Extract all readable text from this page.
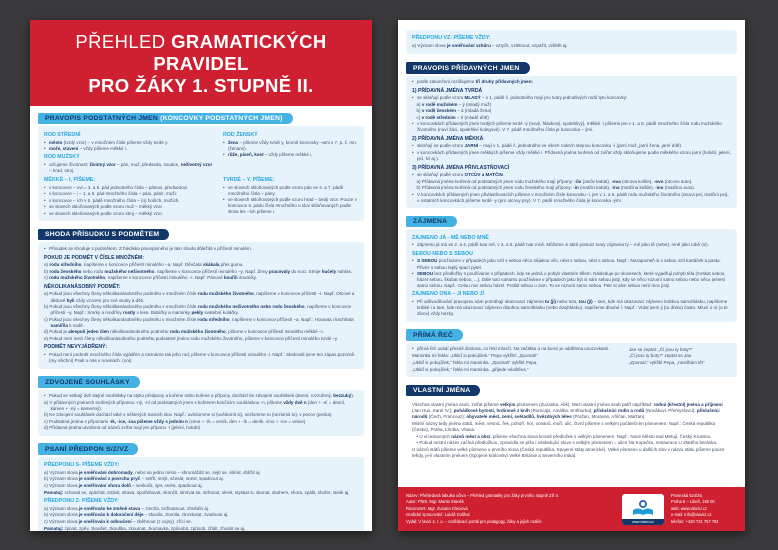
PŘEHLED GRAMATICKÝCH PRAVIDEL
PRO ŽÁKY 1. STUPNĚ II.
PRAVOPIS PODSTATNÝCH JMEN (KONCOVKY PODSTATNÝCH JMEN)
ROD STŘEDNÍ
• město (tvrdý vzor) – v množném čísle píšeme vždy tvrdé y.
• moře, stavení – vždy píšeme měkké i.
ROD MUŽSKÝ
• určujeme životnost: životný vzor – pán, muž, předseda, soudce, neživotný vzor – hrad, stroj.
ROD ŽENSKÝ
• žena – píšeme vždy tvrdé y, kromě koncovky –ami v 7. p. č. mn. (ženami).
• růže, píseň, kost – vždy píšeme měkké i.
MĚKKÉ – I, PÍŠEME:
• v koncovce – ovi = 3. a 6. pád jednotného čísla – pánovi, předsedovi.
• v koncovce – i – 1. a 5. pád množného čísla – páni, páni!, muži.
• v koncovce – ích v 6. pádě množného čísla – (o) hoších, mužích.
• ve slovech skloňovaných podle vzoru muž – měkký vzor.
• ve slovech skloňovaných podle vzoru stroj – měkký vzor.
TVRDÉ – Y, PÍŠEME:
• ve slovech skloňovaných podle vzoru pán ve 4. a 7. pádě množného čísla – pány.
• ve slovech skloňovaných podle vzoru hrad – tvrdý vzor. Pouze v koncovce 6. pádu čísla množného u slov skloňovaných podle slova les –ích píšeme i.
SHODA PŘÍSUDKU S PODMĚTEM
• Přísudek se shoduje s podmětem. Z hlediska pravopisného je tato shoda důležitá v příčestí minulém.
POKUD JE PODMĚT V ČÍSLE MNOŽNÉM:
a) rodu středního, napíšeme v koncovce příčestí minulého –a. Např. Děvčata skákala přes gumu.
b) rodu ženského nebo rodu mužského neživotného, napíšeme v koncovce příčestí minulého –y. Např. Ženy pracovaly do noci. Stroje hučely nahlas.
c) rodu mužského životného, napíšeme v koncovce příčestí minulého –i. Např. Pánové kouřili doutníky.
NĚKOLIKANÁSOBNÝ PODMĚT:
a) Pokud jsou všechny členy několikanásobného podmětu v množném čísle rodu mužského životného, napíšeme v koncovce příčestí –i. Např. Otcové a dědové byli vždy vzorem pro své vnuky a děti.
b) Pokud jsou všechny členy několikanásobného podmětu v množném čísle rodu mužského neživotného nebo rodu ženského, napíšeme v koncovce příčestí –y. Např.: Smrky a modříny rostly v lese. Babičky a maminky pekly svatební koláčky.
c) Pokud jsou všechny členy několikanásobného podmětu v množném čísle rodu středního, napíšeme v koncovce příčestí –a. Např.: Housata i kachňata namířila k vodě.
d) Pokud je alespoň jeden člen několikanásobného podmětu rodu mužského životného, píšeme v koncovce příčestí minulého měkké –i.
e) Pokud není mezi členy několikanásobného podmětu podstatné jméno rodu mužského životného, píšeme v koncovce příčestí minulého tvrdé –y.
PODMĚT NEVYJÁDŘENÝ:
• Pokud není podmět množného čísla vyjádřen a neznáme tak jeho rod, píšeme v koncovce příčestí minulého -i. Např.: Sledovali jsme ten zápas pozorně. (my všichni) Psali o nás v novinách. (oni)
ZDVOJENÉ SOUHLÁSKY
• Pokud se setkají dvě stejné souhlásky na styku předpony a kořene nebo kořene a přípony, dochází ke zdvojení souhlásek (denní, rozzuřený, bezzubý).
a) V přídavných jménech tvořených příponou -ný, -ní od podstatných jmen s kořenem končícím souhláskou -n, píšeme vždy dvě n (den + -ní = denní, kámen + -ný = kamenný).
b) Ke zdvojení souhlásek dochází také v některých tvarech slov. Např.: uvědomme si (uvědomit si), nezlomme to (nezlomit to), v pecce (pecka)
c) Podstatná jména s příponami -ík, -ice, -ina píšeme vždy s jedním n (cena + -ík = ceník, den + -ík = deník, víno + -ice = vinice)
d) Přídavná jména utvořená od názvů zvířat mají jen příponu -í (jelení, holubí)
PSANÍ PŘEDPON S/Z/VZ
PŘEDPONU S- PÍŠEME VŽDY:
a) Význam slova je směřování dohromady, nebo na jedno místo – shromáždit se, sejít se, sbírat, sblížit aj.
b) Význam slova je směřování z povrchu pryč – setřít, smýt, sčesat, snést, spadnout aj.
c) Význam slova je směřování shora dolů – seskočit, sjet, snést, spadnout aj.
Pamatuj: schovat se, spáchat, strávit, strava, spotřebovat, skončit, stmívat se, strhnout, slevit, stýskat si, skonat, sbohem, shora, spálit, shořet, stesk aj.
PŘEDPONU Z- PÍŠEME VŽDY:
a) Význam slova je směřován ke změně stavu – zmrzla, zežloutnout, zhnědlo aj.
b) Význam slova je směřován k dokončení děje – zkazila, zlomila, ztroskotat, zvadnout aj.
c) Význam slova je směřován k odloučení – zběhnout (z vojny), zříci se.
Pamatuj: zpívat, zpěv, zkoušet, zkouška, zkoumat, zkumavka, způsobit, způsob, zřídit, zhostit se aj.
PŘEDPONU VZ- PÍŠEME VŽDY:
a) Význam slova je směřování vzhůru – vztyčit, vzlétnout, vzpažit, vzlétět aj.
PRAVOPIS PŘÍDAVNÝCH JMEN
• podle zakončení rozlišujeme tři druhy přídavných jmen:
1) PŘÍDAVNÁ JMÉNA TVRDÁ
• se skloňují podle vzoru MLADÝ – v 1. pádě č. jednotného mají pro tvary jednotlivých rodů tyto koncovky:
a) v rodě mužském – ý (mladý muž)
b) v rodě ženském – á (mladá žena)
c) v rodě středním – é (mladé dítě)
• v koncovkách přídavných jmen tvrdých píšeme tvrdé -ý (nový, hlávkový, spolehlivý), měkké -i píšeme jen v 1. a 5. pádě množného čísla rodu mužského životného (noví žáci, spolehliví kolegové). V 7. pádě množného čísla je koncovka – ými.
2) PŘÍDAVNÁ JMÉNA MĚKKÁ
• skloňují se podle vzoru JARNÍ – mají v 1. pádě č. jednotného ve všech rodech stejnou koncovku -í (jarní muž, jarní žena, jarní dítě)
• v koncovkách přídavných jmen měkkých píšeme vždy měkké i. Přídavná jména tvořená od zvířat vždy skloňujeme podle měkkého vzoru jarní (holubí, jelení, psí, lví aj.).
3) PŘÍDAVNÁ JMÉNA PŘIVLASTŇOVACÍ
• se skloňují podle vzoru OTCŮV a MATČIN.
a) Přídavná jména tvořená od podstatných jmen rodu mužského mají přípony: -ův (otcův kabát), -ova (otcova košile), -ovo (otcovo auto).
b) Přídavná jména tvořená od podstatných jmen rodu ženského mají přípony: -in (matčin kabát), -ina (matčina košile), -ino (matčino auto).
• V koncovkách přídavných jmen přivlastňovacích píšeme v množném čísle koncovku -i, jen v 1. a 5. pádě rodu mužského životného (otcovi psi, matčini psi), v ostatních koncovkách píšeme tvrdé -y (pro otcovy psy). V 7. pádě množného čísla je koncovka -ými.
ZÁJMENA
ZÁJMENO JÁ - MĚ NEBO MNĚ
• Zájmeno já má ve 2. a 4. pádě tvar mě, v 3. a 6. pádě tvar mně. Můžeme si také pomoct tvary zájmena ty – mě jako tě (sebe), mně jako tobě (si).
SEBOU NEBO S SEBOU
• S SEBOU používáme v případech jako vzít s sebou něco nějakou věc, nést s sebou, vést s sebou. Např.: Nezapomeň si s sebou vzít kartáček a pastu. Přivez s sebou teplý spací pytel.
• SEBOU bez předložky s používáme v případech, kdy se jedná o pohyb vlastním tělem. Následuje po slovesech, které vyjadřují pohyb těla (mrskat sebou, házet sebou, škubat sebou, ...). Dále tuto variantu používáme v případech jako být si sám sebou jistý, kdy se něco rozumí samo sebou nebo něco je/není samo sebou. Např.: Celou noc sebou házel. Praštil sebou o zem. To se rozumí samo sebou. Petr si sám sebou není moc jistý.
ZÁJMENO ONA – JI NEBO JÍ
• Při odůvodňování pravopisu nám pomáhají ukazovací zájmena tu (ji) nebo tuto, tou (jí) – tam, kde má ukazovací zájmeno krátkou samohlásku, napíšeme krátké i a tam, kde má ukazovací zájmeno dlouhou samohlásku (nebo dvojhlásku), napíšeme dlouhé í. Např.: Vídal jsem ji (tu dívku) často. Mluví o ní (o té dívce) vždy hezky.
PŘÍMÁ ŘEČ
• přímá řeč uvádí přesně doslova, co řekl mluvčí. Na začátku a na konci je oddělena uvozovkami.
Maminka mi řekla: „Ukliď si pokojíček.“ Pepa vykřikl: „Zpomal!“
„Ukliď si pokojíček,“ řekla mi maminka. „Zpomal!“ vykřikl Pepa.
„Ukliď si pokojíček,“ řekla mi maminka, „přijede návštěva.“
Jan se zeptal: „Čí jsou ty boty?“
„Čí jsou ty boty?“ zeptal se Jan.
„Zpomal,“ vykřikl Pepa, „nestíhám tě!“
VLASTNÍ JMÉNA
Všechna vlastní jména osob, zvířat píšeme velkým písmenem (Zuzanka, Alík). Mezi vlastní jména osob patří například: rodná (křestní) jména a příjmení (Jan Hus, Karel IV.); pohádkové bytosti, hrdinové z knih (Rumcajs, Amálka, Sněhurka); příslušníci rodin a rodů (Novákovi, Přemyslovci); příslušníci národů (Čech, Francouz); obyvatelé měst, zemí, světadílů, hvězdných těles (Pražan, Moravan, Afričan, Marťan).
Místní názvy tedy jména států, měst, vesnic, řek, pohoří, hor, oceánů, moří, ulic, čtvrtí píšeme s velkým počátečním písmenem. Např.: Česká republika (Česko), Praha, Lhotka, Vltava.
• U víceslovných názvů měst a obcí, píšeme všechna slova kromě předložek s velkým písmenem. Např.: Nové Město nad Metují, Český Krumlov.
• Pokud místní název začíná předložkou, zpravidla se píše i následující slovo s velkým písmenem = ulice Na Kopečku, restaurace U Zlatého beránka.
U názvů států píšeme velké písmeno u prvního slova (Česká republika, Spojené státy americké). Velké písmeno u dalších slov v názvu státu píšeme pouze tehdy, je-li vlastním jménem (Spojené království Velké Británie a Severního Irska).
Název: Přehledová tabulka učiva – Přehled gramatiky pro žáky prvního stupně ZŠ II.
Autor: PhDr. Mgr. Martin Staněk
Recenzent: Mgr. Zuzana Gleciová
Grafické zpracování: Lukáš Dolíhal
Vydal: V lavici s. r. o. – vzdělávací portál pro pedagogy, žáky a jejich rodiče	www.vlavici.cz
Prosecká 524/26,
Praha 8 – Libeň, 180 00
web: www.vlavici.cz
e-mail: info@vlavici.cz
telefon: +420 721 757 781
